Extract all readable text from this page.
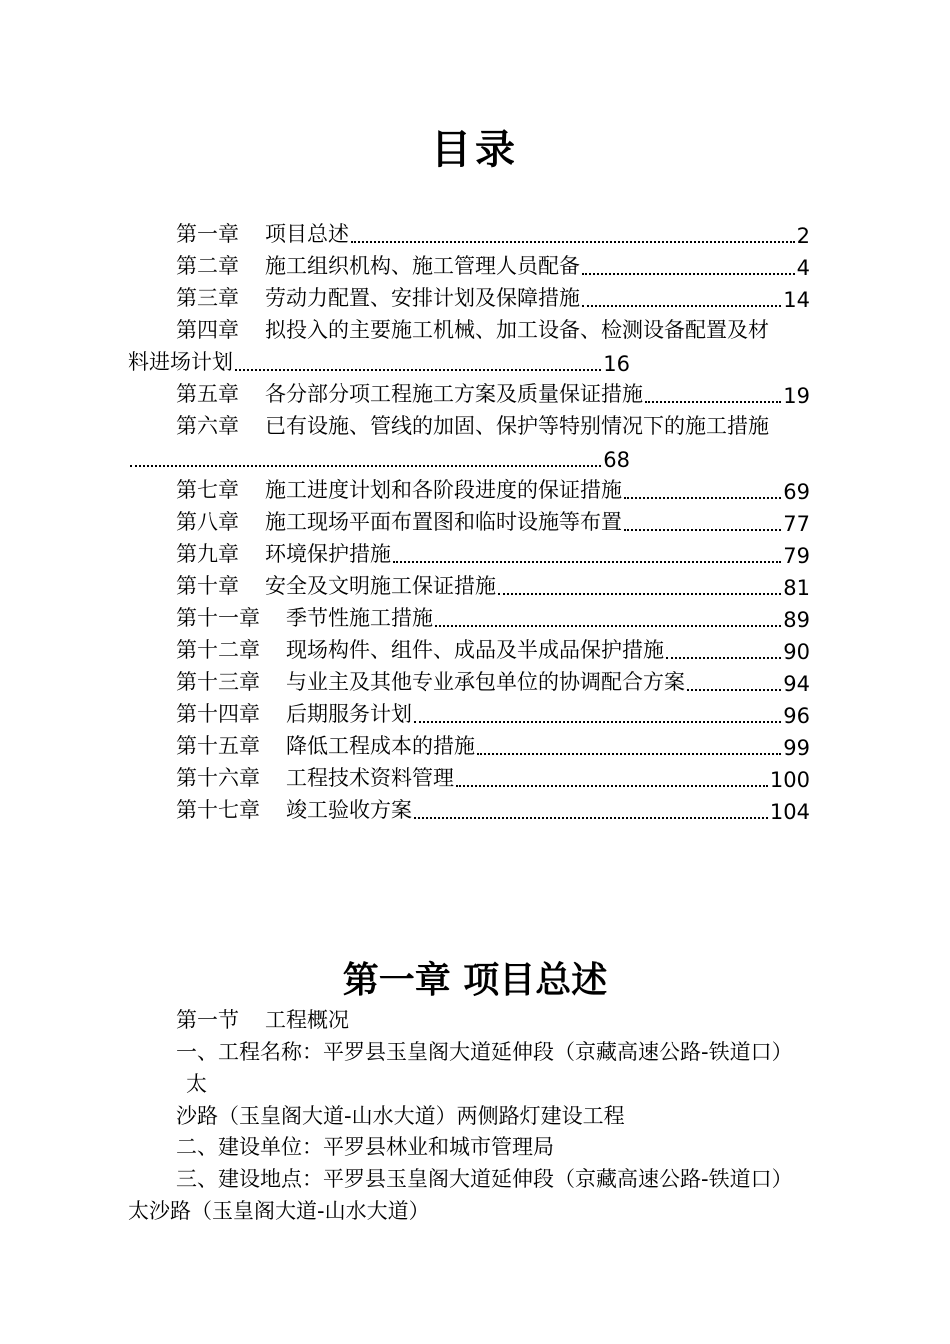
目录
第一章 项目总述	2
第二章 施工组织机构、施工管理人员配备	4
第三章 劳动力配置、安排计划及保障措施	14
第四章 拟投入的主要施工机械、加工设备、检测设备配置及材
料进场计划	16
第五章 各分部分项工程施工方案及质量保证措施	19
第六章 已有设施、管线的加固、保护等特别情况下的施工措施
68
第七章 施工进度计划和各阶段进度的保证措施	69
第八章 施工现场平面布置图和临时设施等布置	77
第九章 环境保护措施	79
第十章 安全及文明施工保证措施	81
第十一章 季节性施工措施	89
第十二章 现场构件、组件、成品及半成品保护措施	90
第十三章 与业主及其他专业承包单位的协调配合方案	94
第十四章 后期服务计划	96
第十五章 降低工程成本的措施	99
第十六章 工程技术资料管理	100
第十七章 竣工验收方案	104
第一章 项目总述
第一节 工程概况
一、工程名称：平罗县玉皇阁大道延伸段（京藏高速公路-铁道口）
太
沙路（玉皇阁大道-山水大道）两侧路灯建设工程
二、建设单位：平罗县林业和城市管理局
三、建设地点：平罗县玉皇阁大道延伸段（京藏高速公路-铁道口）
太沙路（玉皇阁大道-山水大道）
